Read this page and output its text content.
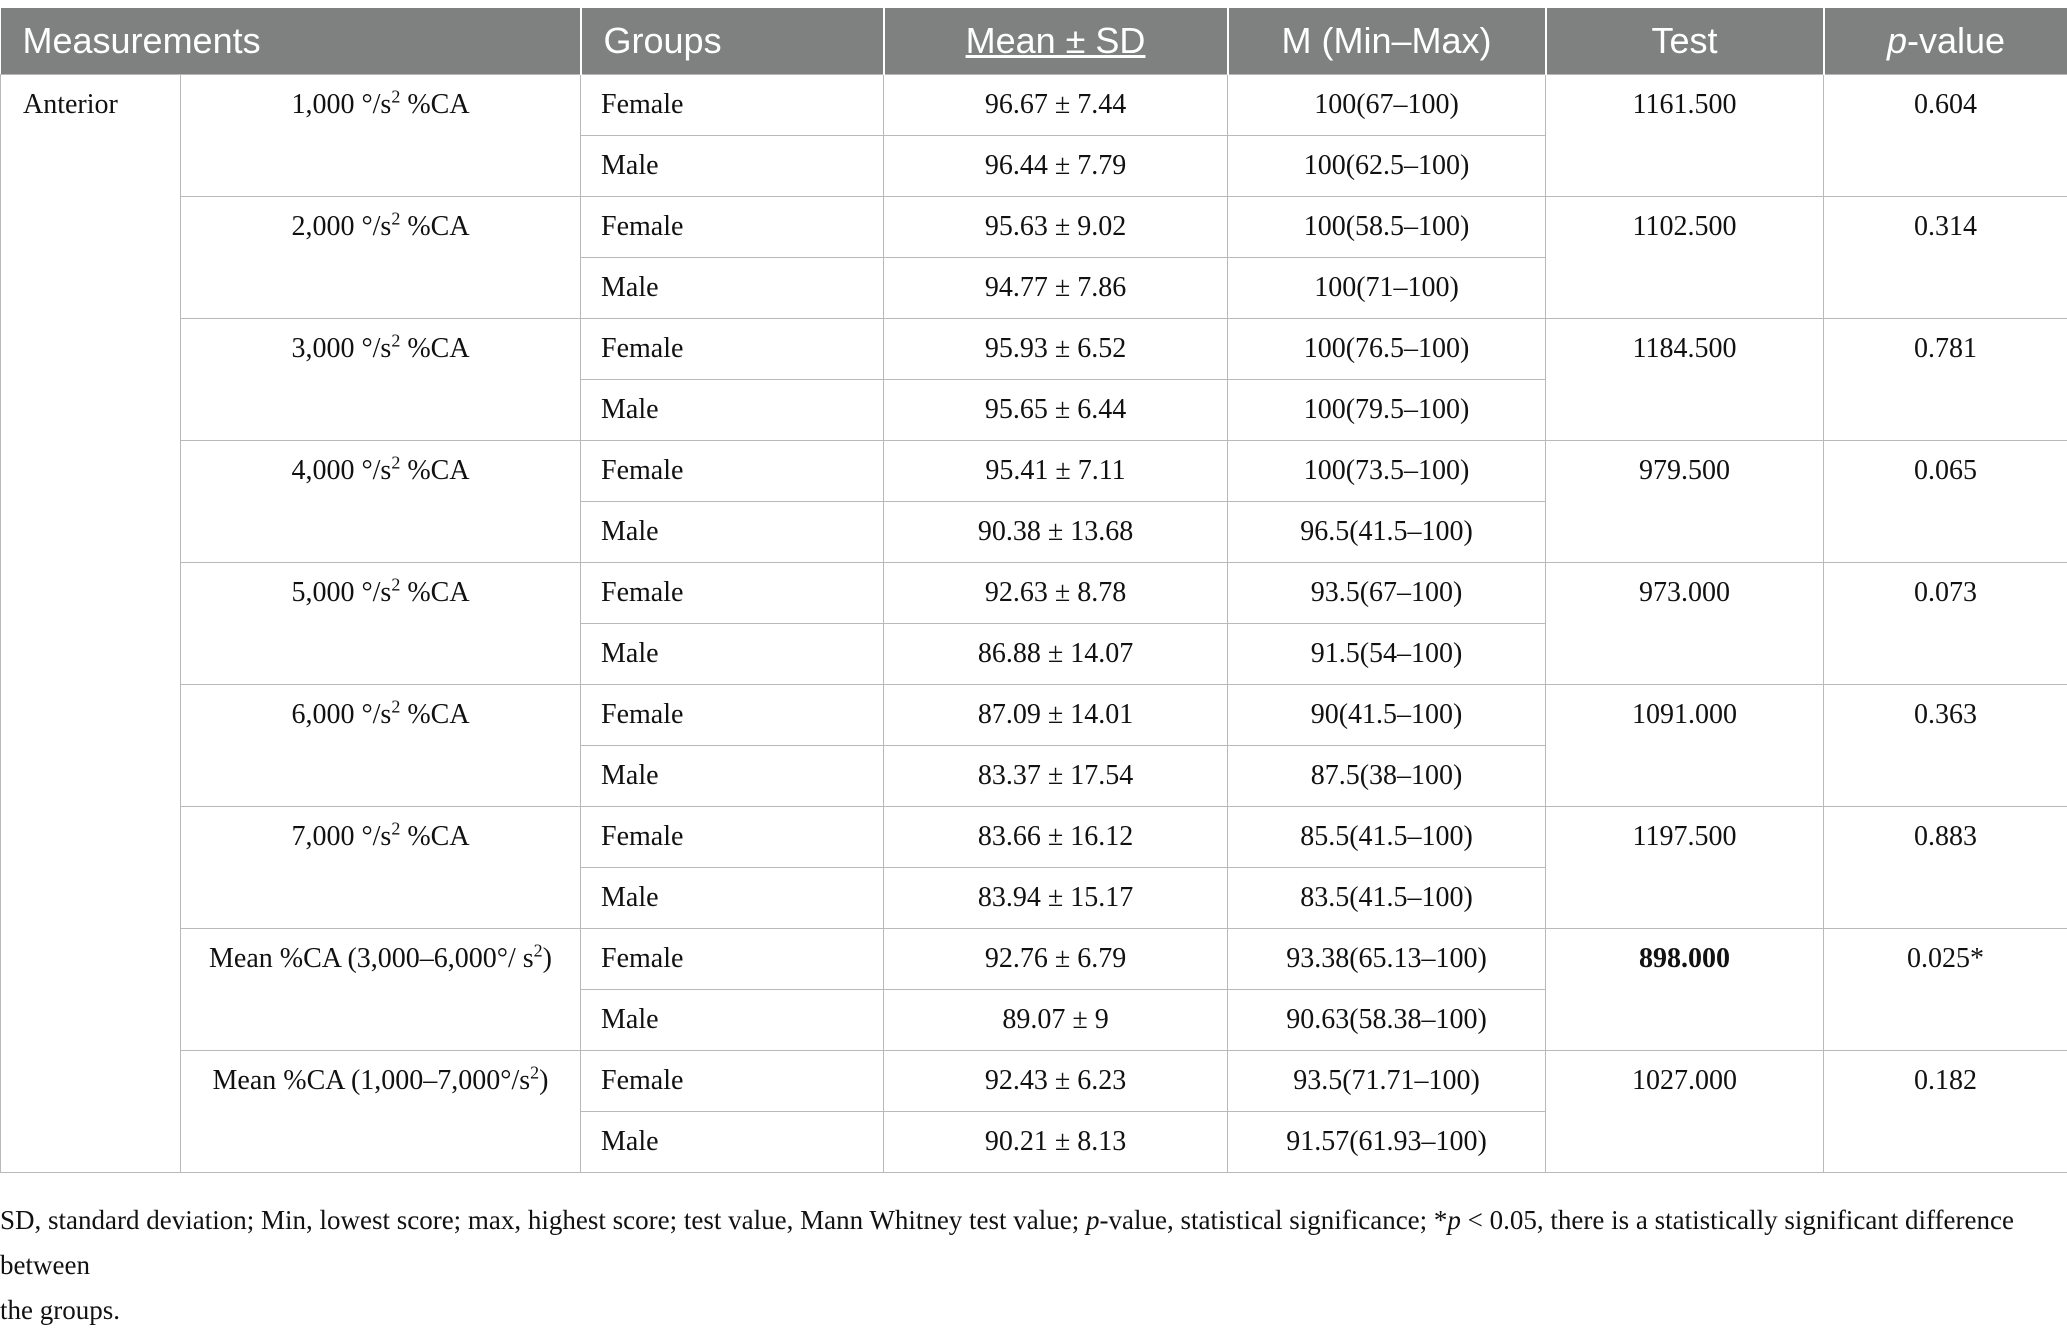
Measurements		Groups	Mean ± SD	M (Min–Max)	Test	p-value
Anterior	1,000 $^\circ/s^2$ %CA	Female	96.67 ± 7.44	100(67–100)	1161.500	0.604
		Male	96.44 ± 7.79	100(62.5–100)		
	2,000 $^\circ/s^2$ %CA	Female	95.63 ± 9.02	100(58.5–100)	1102.500	0.314
		Male	94.77 ± 7.86	100(71–100)		
	3,000 $^\circ/s^2$ %CA	Female	95.93 ± 6.52	100(76.5–100)	1184.500	0.781
		Male	95.65 ± 6.44	100(79.5–100)		
	4,000 $^\circ/s^2$ %CA	Female	95.41 ± 7.11	100(73.5–100)	979.500	0.065
		Male	90.38 ± 13.68	96.5(41.5–100)		
	5,000 $^\circ/s^2$ %CA	Female	92.63 ± 8.78	93.5(67–100)	973.000	0.073
		Male	86.88 ± 14.07	91.5(54–100)		
	6,000 $^\circ/s^2$ %CA	Female	87.09 ± 14.01	90(41.5–100)	1091.000	0.363
		Male	83.37 ± 17.54	87.5(38–100)		
	7,000 $^\circ/s^2$ %CA	Female	83.66 ± 16.12	85.5(41.5–100)	1197.500	0.883
		Male	83.94 ± 15.17	83.5(41.5–100)		
	Mean %CA (3,000–6,000°/ $s^2$)	Female	92.76 ± 6.79	93.38(65.13–100)	898.000	0.025*
		Male	89.07 ± 9	90.63(58.38–100)		
	Mean %CA $(1,000-7,000^\circ/s^2)$	Female	92.43 ± 6.23	93.5(71.71–100)	1027.000	0.182
		Male	90.21 ± 8.13	91.57(61.93–100)		
SD, standard deviation; Min, lowest score; max, highest score; test value, Mann Whitney test value; p-value, statistical significance; *p < 0.05, there is a statistically significant difference between
the groups.
